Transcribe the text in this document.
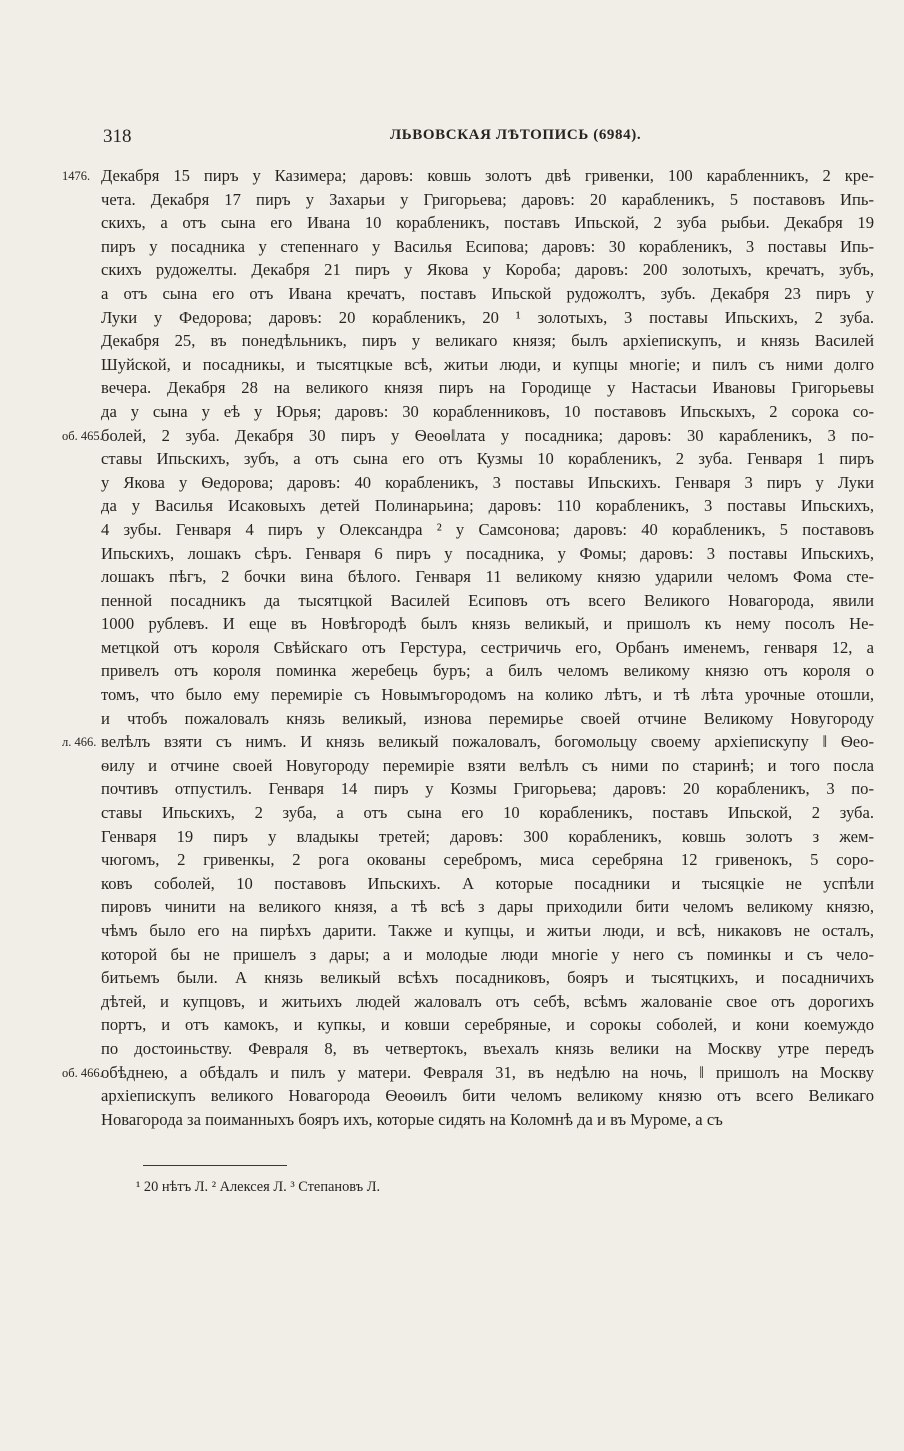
318	ЛЬВОВСКАЯ ЛѢТОПИСЬ (6984).
1476. Декабря 15 пиръ у Казимера; даровъ: ковшь золотъ двѣ гривенки, 100 карабленникъ, 2 кре-
чета. Декабря 17 пиръ у Захарьи у Григорьева; даровъ: 20 карабленикъ, 5 поставовъ Ипь-
скихъ, а отъ сына его Ивана 10 корабленикъ, поставъ Ипьской, 2 зуба рыбьи. Декабря 19
пиръ у посадника у степеннаго у Василья Есипова; даровъ: 30 корабленикъ, 3 поставы Ипь-
скихъ рудожелты. Декабря 21 пиръ у Якова у Короба; даровъ: 200 золотыхъ, кречатъ, зубъ,
а отъ сына его отъ Ивана кречатъ, поставъ Ипьской рудожолтъ, зубъ. Декабря 23 пиръ у
Луки у Федорова; даровъ: 20 корабленикъ, 20 ¹ золотыхъ, 3 поставы Ипьскихъ, 2 зуба.
Декабря 25, въ понедѣльникъ, пиръ у великаго князя; былъ архіепискупъ, и князь Василей
Шуйской, и посадникы, и тысятцкые всѣ, житьи люди, и купцы многіе; и пилъ съ ними долго
вечера. Декабря 28 на великого князя пиръ на Городище у Настасьи Ивановы Григорьевы
да у сына у еѣ у Юрья; даровъ: 30 корабленниковъ, 10 поставовъ Ипьскыхъ, 2 сорока со-
об. 465.
болей, 2 зуба. Декабря 30 пиръ у Ѳеоѳ‖лата у посадника; даровъ: 30 карабленикъ, 3 по-
ставы Ипьскихъ, зубъ, а отъ сына его отъ Кузмы 10 корабленикъ, 2 зуба. Генваря 1 пиръ
у Якова у Ѳедорова; даровъ: 40 корабленикъ, 3 поставы Ипьскихъ. Генваря 3 пиръ у Луки
да у Василья Исаковыхъ детей Полинарьина; даровъ: 110 корабленикъ, 3 поставы Ипьскихъ,
4 зубы. Генваря 4 пиръ у Олександра ² у Самсонова; даровъ: 40 корабленикъ, 5 поставовъ
Ипьскихъ, лошакъ сѣръ. Генваря 6 пиръ у посадника, у Фомы; даровъ: 3 поставы Ипьскихъ,
лошакъ пѣгъ, 2 бочки вина бѣлого. Генваря 11 великому князю ударили челомъ Фома сте-
пенной посадникъ да тысятцкой Василей Есиповъ отъ всего Великого Новагорода, явили
1000 рублевъ. И еще въ Новѣгородѣ былъ князь великый, и пришолъ къ нему посолъ Не-
метцкой отъ короля Свѣйскаго отъ Герстура, сестричичь его, Орбанъ именемъ, генваря 12, а
привелъ отъ короля поминка жеребець буръ; а билъ челомъ великому князю отъ короля о
томъ, что было ему перемиріе съ Новымъгородомъ на колико лѣтъ, и тѣ лѣта урочные отошли,
и чтобъ пожаловалъ князь великый, изнова перемирье своей отчине Великому Новугороду
л. 466. велѣлъ взяти съ нимъ. И князь великый пожаловалъ, богомольцу своему архіепискупу ‖ Ѳео-
ѳилу и отчине своей Новугороду перемиріе взяти велѣлъ съ ними по старинѣ; и того посла
почтивъ отпустилъ. Генваря 14 пиръ у Козмы Григорьева; даровъ: 20 корабленикъ, 3 по-
ставы Ипьскихъ, 2 зуба, а отъ сына его 10 корабленикъ, поставъ Ипьской, 2 зуба.
Генваря 19 пиръ у владыкы третей; даровъ: 300 корабленикъ, ковшь золотъ з жем-
чюгомъ, 2 гривенкы, 2 рога окованы серебромъ, миса серебряна 12 гривенокъ, 5 соро-
ковъ соболей, 10 поставовъ Ипьскихъ. А которые посадники и тысяцкіе не успѣли
пировъ чинити на великого князя, а тѣ всѣ з дары приходили бити челомъ великому князю,
чѣмъ было его на пирѣхъ дарити. Также и купцы, и житьи люди, и всѣ, никаковъ не осталъ,
которой бы не пришелъ з дары; а и молодые люди многіе у него съ поминкы и съ чело-
битьемъ были. А князь великый всѣхъ посадниковъ, бояръ и тысятцкихъ, и посадничихъ
дѣтей, и купцовъ, и житьихъ людей жаловалъ отъ себѣ, всѣмъ жалованіе свое отъ дорогихъ
портъ, и отъ камокъ, и купкы, и ковши серебряные, и сорокы соболей, и кони коемуждо
по достоиньству. Февраля 8, въ четвертокъ, въехалъ князь велики на Москву утре передъ
об. 466.
обѣднею, а обѣдалъ и пилъ у матери. Февраля 31, въ недѣлю на ночь, ‖ пришолъ на Москву
архіепискупъ великого Новагорода Ѳеоѳилъ бити челомъ великому князю отъ всего Великаго
Новагорода за поиманныхъ бояръ ихъ, которые сидять на Коломнѣ да и въ Муроме, а съ
¹ 20 нѣтъ Л. ² Алексея Л. ³ Степановъ Л.
